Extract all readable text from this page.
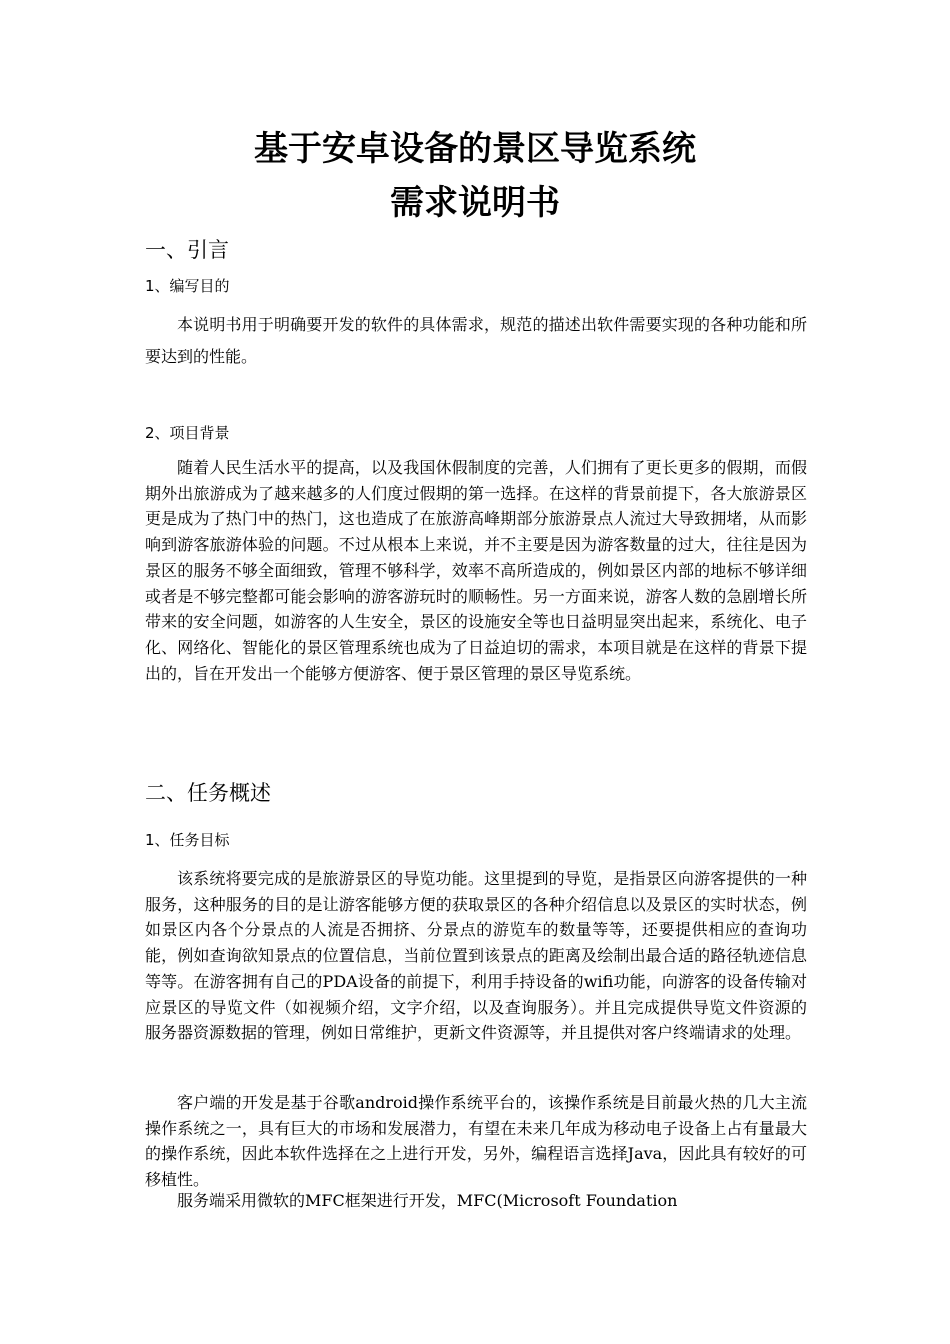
基于安卓设备的景区导览系统
需求说明书
一、引言
1、编写目的

本说明书用于明确要开发的软件的具体需求，规范的描述出软件需要实现的各种功能和所要达到的性能。

2、项目背景

随着人民生活水平的提高，以及我国休假制度的完善，人们拥有了更长更多的假期，而假期外出旅游成为了越来越多的人们度过假期的第一选择。在这样的背景前提下，各大旅游景区更是成为了热门中的热门，这也造成了在旅游高峰期部分旅游景点人流过大导致拥堵，从而影响到游客旅游体验的问题。不过从根本上来说，并不主要是因为游客数量的过大，往往是因为景区的服务不够全面细致，管理不够科学，效率不高所造成的，例如景区内部的地标不够详细或者是不够完整都可能会影响的游客游玩时的顺畅性。另一方面来说，游客人数的急剧增长所带来的安全问题，如游客的人生安全，景区的设施安全等也日益明显突出起来，系统化、电子化、网络化、智能化的景区管理系统也成为了日益迫切的需求，本项目就是在这样的背景下提出的，旨在开发出一个能够方便游客、便于景区管理的景区导览系统。

二、任务概述
1、任务目标

该系统将要完成的是旅游景区的导览功能。这里提到的导览，是指景区向游客提供的一种服务，这种服务的目的是让游客能够方便的获取景区的各种介绍信息以及景区的实时状态，例如景区内各个分景点的人流是否拥挤、分景点的游览车的数量等等，还要提供相应的查询功能，例如查询欲知景点的位置信息，当前位置到该景点的距离及绘制出最合适的路径轨迹信息等等。在游客拥有自己的PDA设备的前提下，利用手持设备的wifi功能，向游客的设备传输对应景区的导览文件（如视频介绍，文字介绍，以及查询服务）。并且完成提供导览文件资源的服务器资源数据的管理，例如日常维护，更新文件资源等，并且提供对客户终端请求的处理。

客户端的开发是基于谷歌android操作系统平台的，该操作系统是目前最火热的几大主流操作系统之一，具有巨大的市场和发展潜力，有望在未来几年成为移动电子设备上占有量最大的操作系统，因此本软件选择在之上进行开发，另外，编程语言选择Java，因此具有较好的可移植性。

服务端采用微软的MFC框架进行开发，MFC(Microsoft Foundation
